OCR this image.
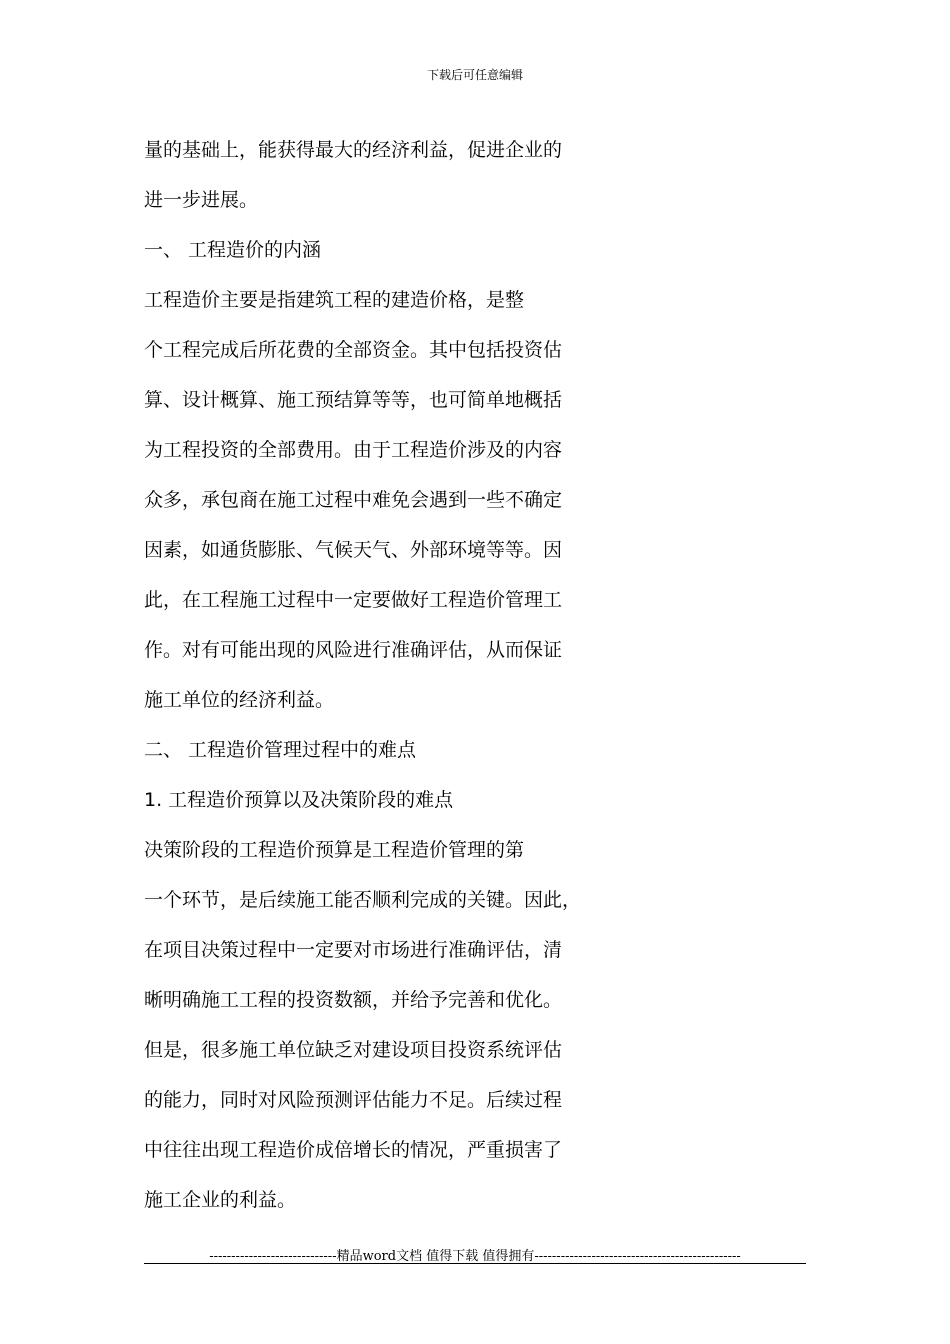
下载后可任意编辑
量的基础上，能获得最大的经济利益，促进企业的
进一步进展。
一、 工程造价的内涵
工程造价主要是指建筑工程的建造价格，是整
个工程完成后所花费的全部资金。其中包括投资估
算、设计概算、施工预结算等等，也可简单地概括
为工程投资的全部费用。由于工程造价涉及的内容
众多，承包商在施工过程中难免会遇到一些不确定
因素，如通货膨胀、气候天气、外部环境等等。因
此，在工程施工过程中一定要做好工程造价管理工
作。对有可能出现的风险进行准确评估，从而保证
施工单位的经济利益。
二、 工程造价管理过程中的难点
1. 工程造价预算以及决策阶段的难点
决策阶段的工程造价预算是工程造价管理的第
一个环节，是后续施工能否顺利完成的关键。因此，
在项目决策过程中一定要对市场进行准确评估，清
晰明确施工工程的投资数额，并给予完善和优化。
但是，很多施工单位缺乏对建设项目投资系统评估
的能力，同时对风险预测评估能力不足。后续过程
中往往出现工程造价成倍增长的情况，严重损害了
施工企业的利益。
-----------------------------精品word文档 值得下载 值得拥有-----------------------------------------------
